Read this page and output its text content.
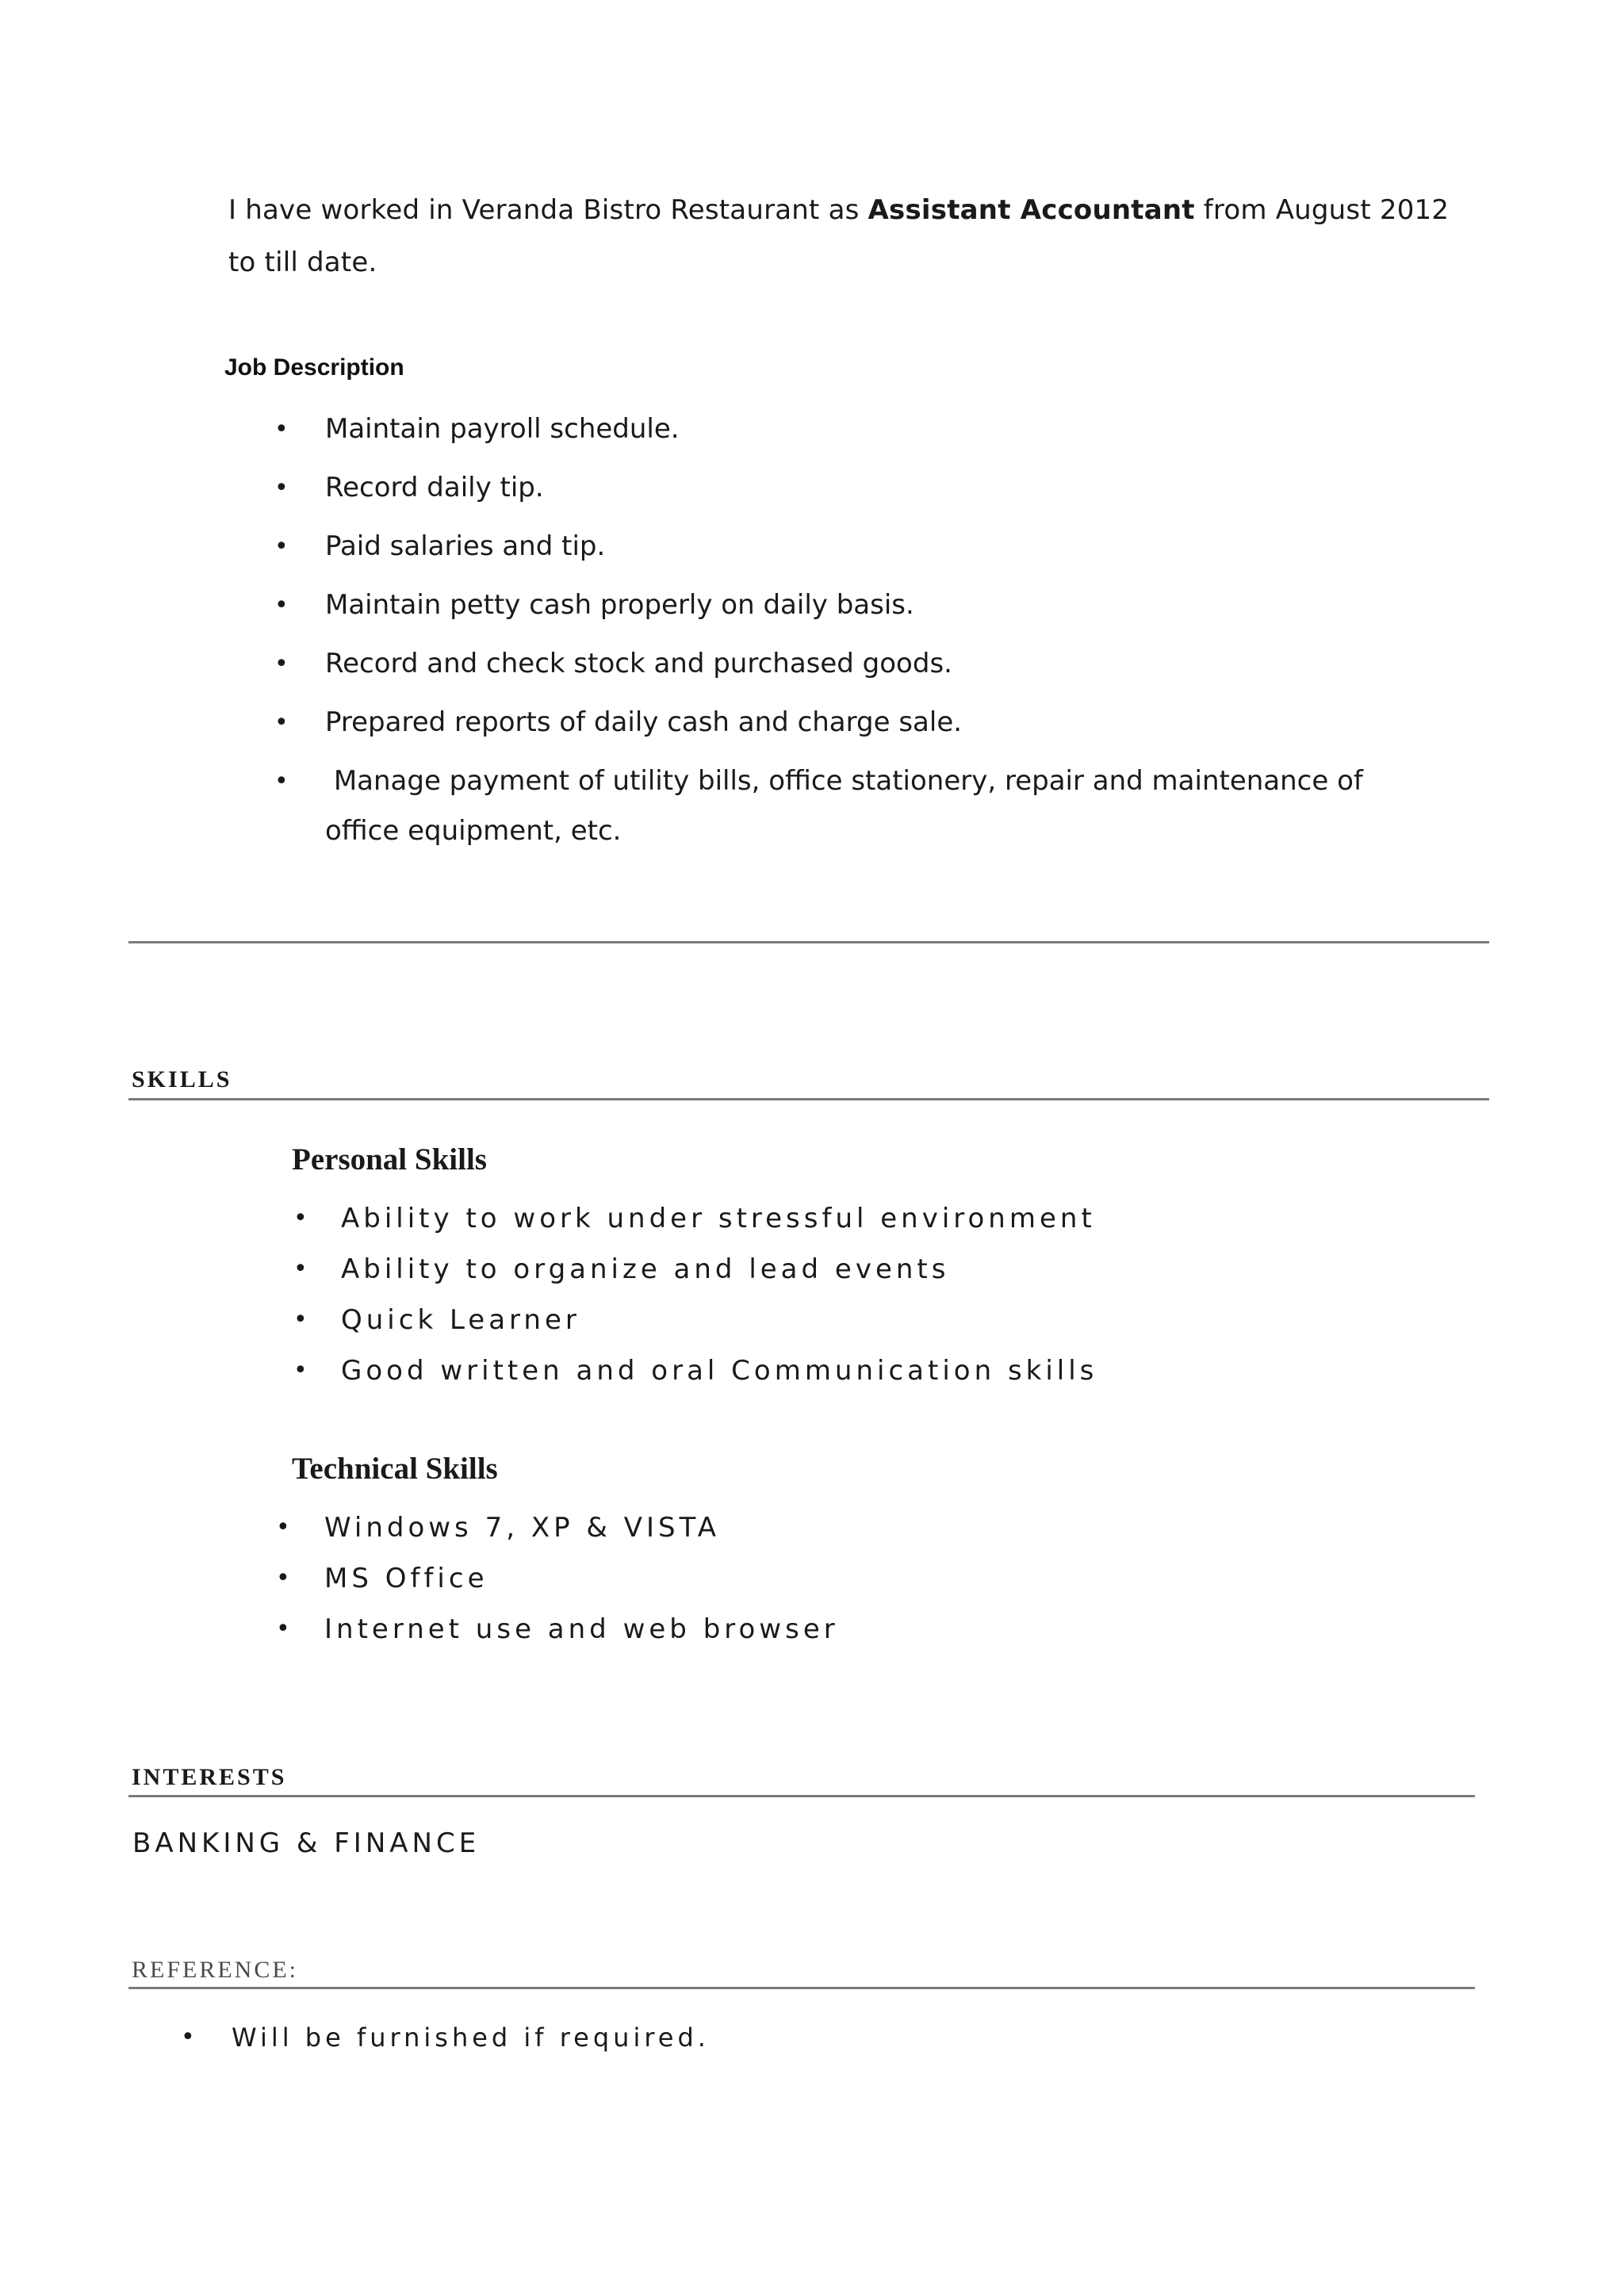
I have worked in Veranda Bistro Restaurant as Assistant Accountant from August 2012 to till date.

Job Description
• Maintain payroll schedule.
• Record daily tip.
• Paid salaries and tip.
• Maintain petty cash properly on daily basis.
• Record and check stock and purchased goods.
• Prepared reports of daily cash and charge sale.
• Manage payment of utility bills, office stationery, repair and maintenance of office equipment, etc.
SKILLS
Personal Skills
• Ability to work under stressful environment
• Ability to organize and lead events
• Quick Learner
• Good written and oral Communication skills
Technical Skills
• Windows 7, XP & VISTA
• MS Office
• Internet use and web browser
INTERESTS
BANKING & FINANCE
REFERENCE:
• Will be furnished if required.
